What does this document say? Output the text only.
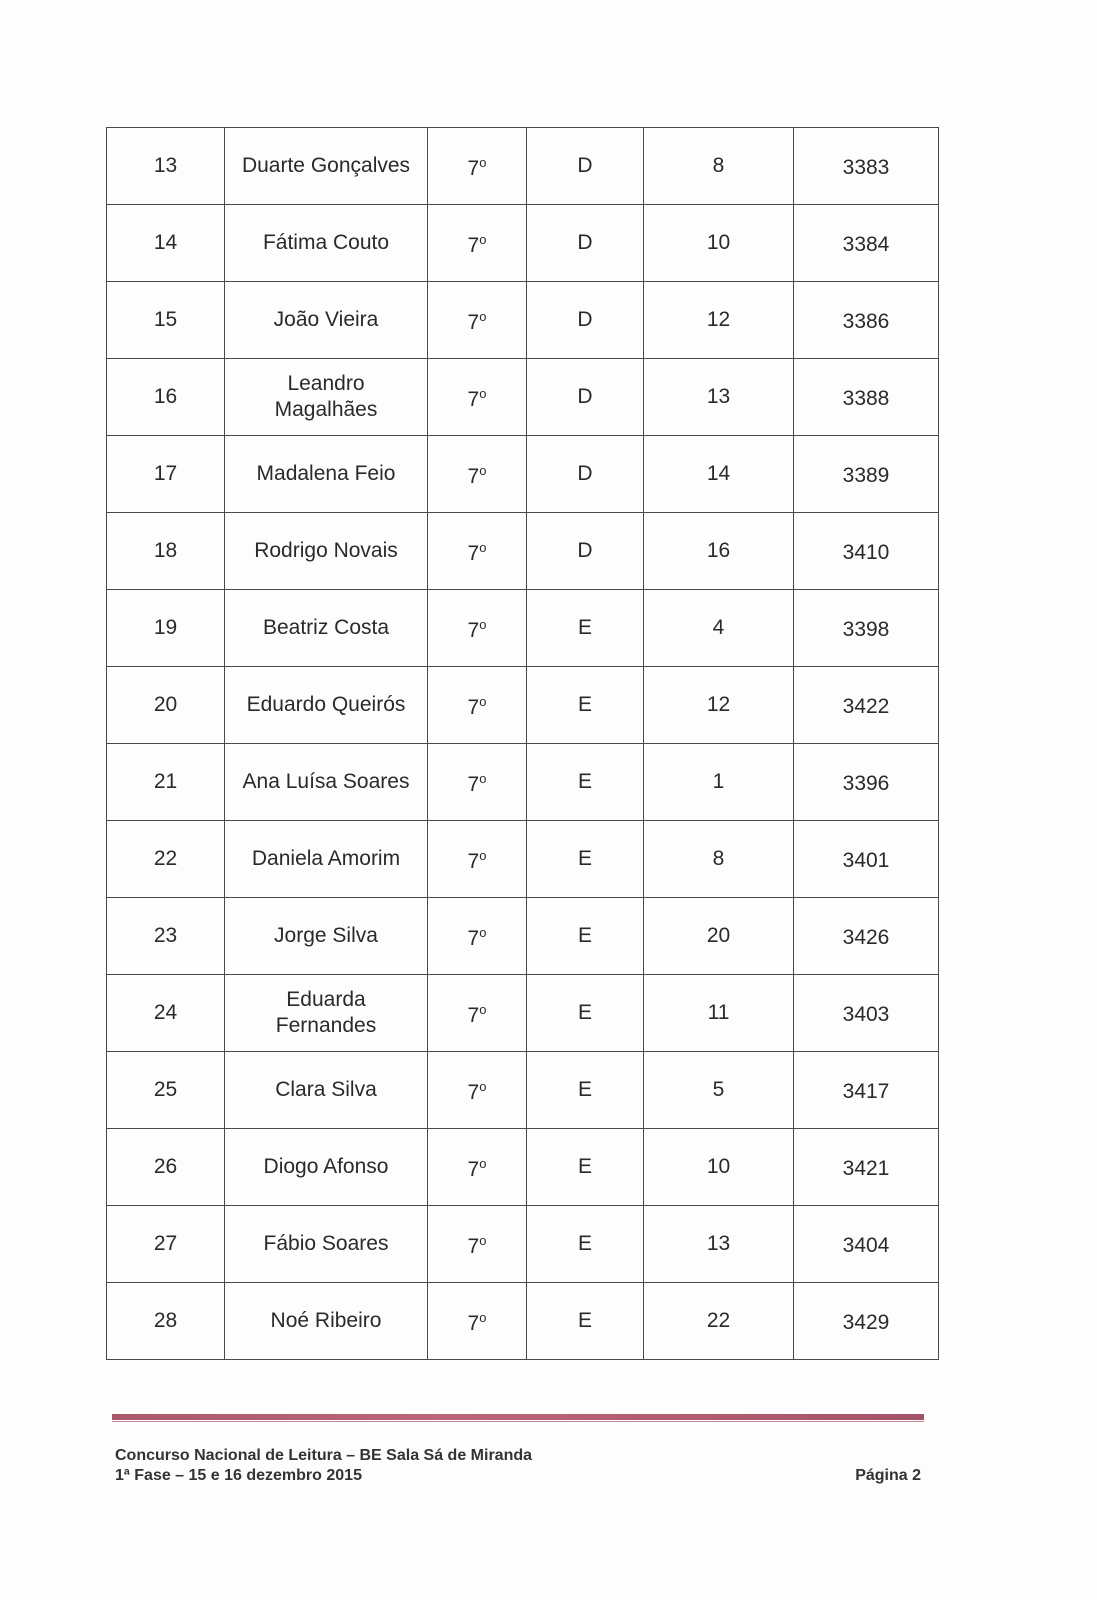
13	Duarte Gonçalves	7$^o$	D	8	3383

14	Fátima Couto	7$^o$	D	10	3384

15	João Vieira	7$^o$	D	12	3386

16	Leandro Magalhães	7$^o$	D	13	3388

17	Madalena Feio	7$^o$	D	14	3389

18	Rodrigo Novais	7$^o$	D	16	3410

19	Beatriz Costa	7$^o$	E	4	3398

20	Eduardo Queirós	7$^o$	E	12	3422

21	Ana Luísa Soares	7$^o$	E	1	3396

22	Daniela Amorim	7$^o$	E	8	3401

23	Jorge Silva	7$^o$	E	20	3426

24	Eduarda Fernandes	7$^o$	E	11	3403

25	Clara Silva	7$^o$	E	5	3417

26	Diogo Afonso	7$^o$	E	10	3421

27	Fábio Soares	7$^o$	E	13	3404

28	Noé Ribeiro	7$^o$	E	22	3429
Concurso Nacional de Leitura – BE Sala Sá de Miranda
1ª Fase – 15 e 16 dezembro 2015	Página 2
